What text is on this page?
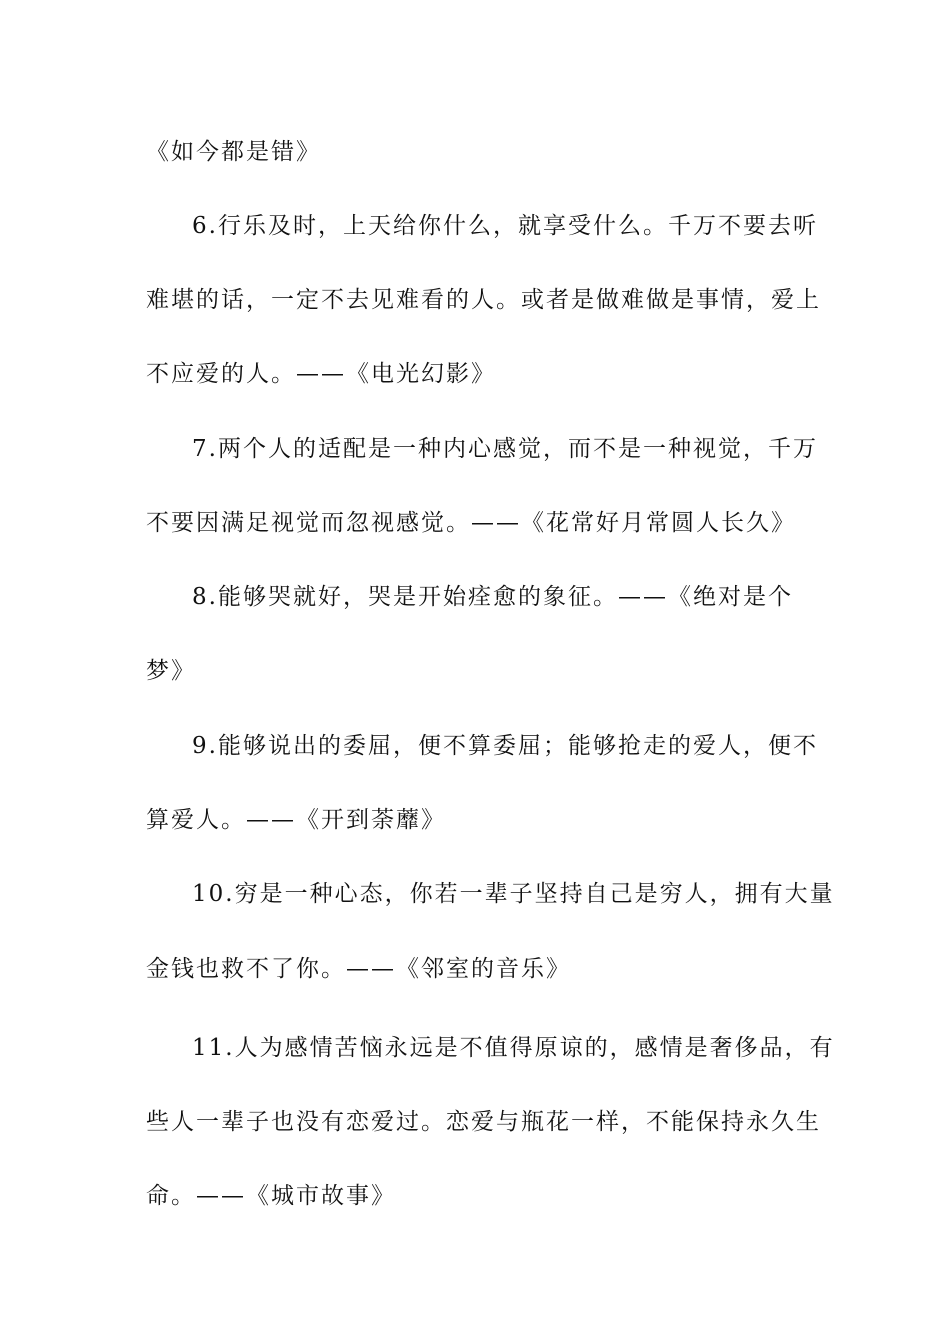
《如今都是错》
6.行乐及时，上天给你什么，就享受什么。千万不要去听
难堪的话，一定不去见难看的人。或者是做难做是事情，爱上
不应爱的人。——《电光幻影》
7.两个人的适配是一种内心感觉，而不是一种视觉，千万
不要因满足视觉而忽视感觉。——《花常好月常圆人长久》
8.能够哭就好，哭是开始痊愈的象征。——《绝对是个
梦》
9.能够说出的委屈，便不算委屈；能够抢走的爱人，便不
算爱人。——《开到荼蘼》
10.穷是一种心态，你若一辈子坚持自己是穷人，拥有大量
金钱也救不了你。——《邻室的音乐》
11.人为感情苦恼永远是不值得原谅的，感情是奢侈品，有
些人一辈子也没有恋爱过。恋爱与瓶花一样，不能保持永久生
命。——《城市故事》
